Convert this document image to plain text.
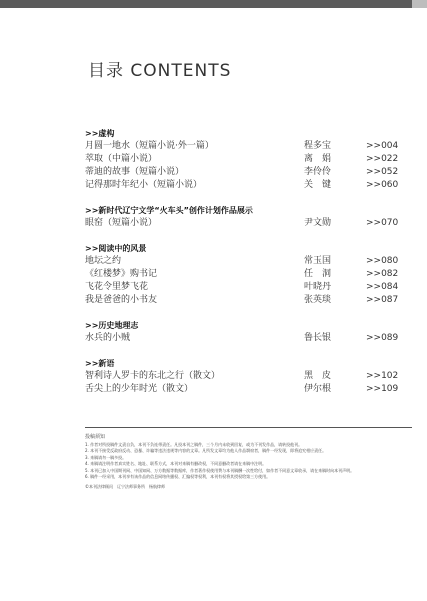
目录 CONTENTS
>>虚构
月圆一地水（短篇小说·外一篇）	程多宝	>>004
萃取（中篇小说）	离　娟	>>022
蒂迪的故事（短篇小说）	李伶伶	>>052
记得那时年纪小（短篇小说）	关　键	>>060
>>新时代辽宁文学“火车头”创作计划作品展示
眼窑（短篇小说）	尹文勋	>>070
>>阅读中的风景
地坛之约	常玉国	>>080
《红楼梦》购书记	任　洞	>>082
飞花令里梦飞花	叶晓丹	>>084
我是爸爸的小书友	张英琰	>>087
>>历史地理志
水兵的小贼	鲁长银	>>089
>>新语
智利诗人罗卡的东北之行（散文）	黑　皮	>>102
舌尖上的少年时光（散文）	伊尔根	>>109
投稿须知

1. 作者对所投稿件文责自负，本刊不负连带责任。凡投本刊之稿件，三个月内未收到回复，或为不刊发作品，请转投他刊。

2. 本刊不接受反政府反动、恐暴、诈骗等违法违规等内容的文章。凡所发文章均为他人作品剽窃者，稿件一经发现，即将追究相应责任。

3. 来稿请勿一稿多投。

4. 来稿请注明作者真实姓名、地址、联系方式，本刊对来稿有删改权，不同意删改者请在来稿中注明。

5. 本刊已加入中国期刊网、中国知网、万方数据等数据库，作者著作权使用费与本刊稿酬一次性给付，如作者不同意文章收录，请在来稿时向本刊声明。

6. 稿件一经采用，本刊享有该作品的信息网络传播权、汇编权等权利，本刊有权将其授权给第三方使用。

©本刊法律顾问　辽宁法师事务所　杨航律师
